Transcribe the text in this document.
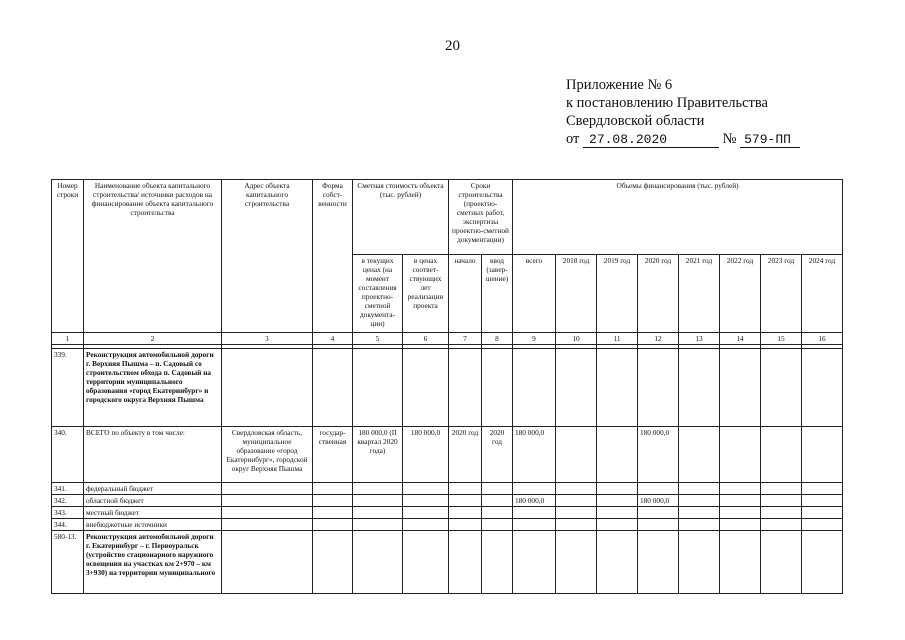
20
Приложение № 6
к постановлению Правительства
Свердловской области
от 27.08.2020	№ 579-ПП
Номер строки	Наименование объекта капитального строительства/ источники расходов на финансирование объекта капитального строительства	Адрес объекта капитального строительства	Форма собст-венности	Сметная стоимость объекта (тыс. рублей)		Сроки строительства (проектно-сметных работ, экспертизы проектно-сметной документации)		Объемы финансирования (тыс. рублей)							
				в текущих ценах (на момент составления проектно-сметной документа-ции)	в ценах соответ-ствующих лет реализации проекта	начало	ввод (завер-шение)	всего	2018 год	2019 год	2020 год	2021 год	2022 год	2023 год	2024 год
1	2	3	4	5	6	7	8	9	10	11	12	13	14	15	16

339.	Реконструкция автомобильной дороги г. Верхняя Пышма – п. Садовый со строительством обхода п. Садовый на территории муниципального образования «город Екатеринбург» и городского округа Верхняя Пышма														
340.	ВСЕГО по объекту в том числе:	Свердловская область, муниципальное образование «город Екатеринбург», городской округ Верхняя Пышма	государ-ственная	180 000,0 (II квартал 2020 года)	180 000,0	2020 год	2020 год	180 000,0			180 000,0				
341.	федеральный бюджет														
342.	областной бюджет							180 000,0			180 000,0				
343.	местный бюджет														
344.	внебюджетные источники														
580-13.	Реконструкция автомобильной дороги г. Екатеринбург – г. Первоуральск (устройство стационарного наружного освещения на участках км 2+970 – км 3+930) на территории муниципального														
